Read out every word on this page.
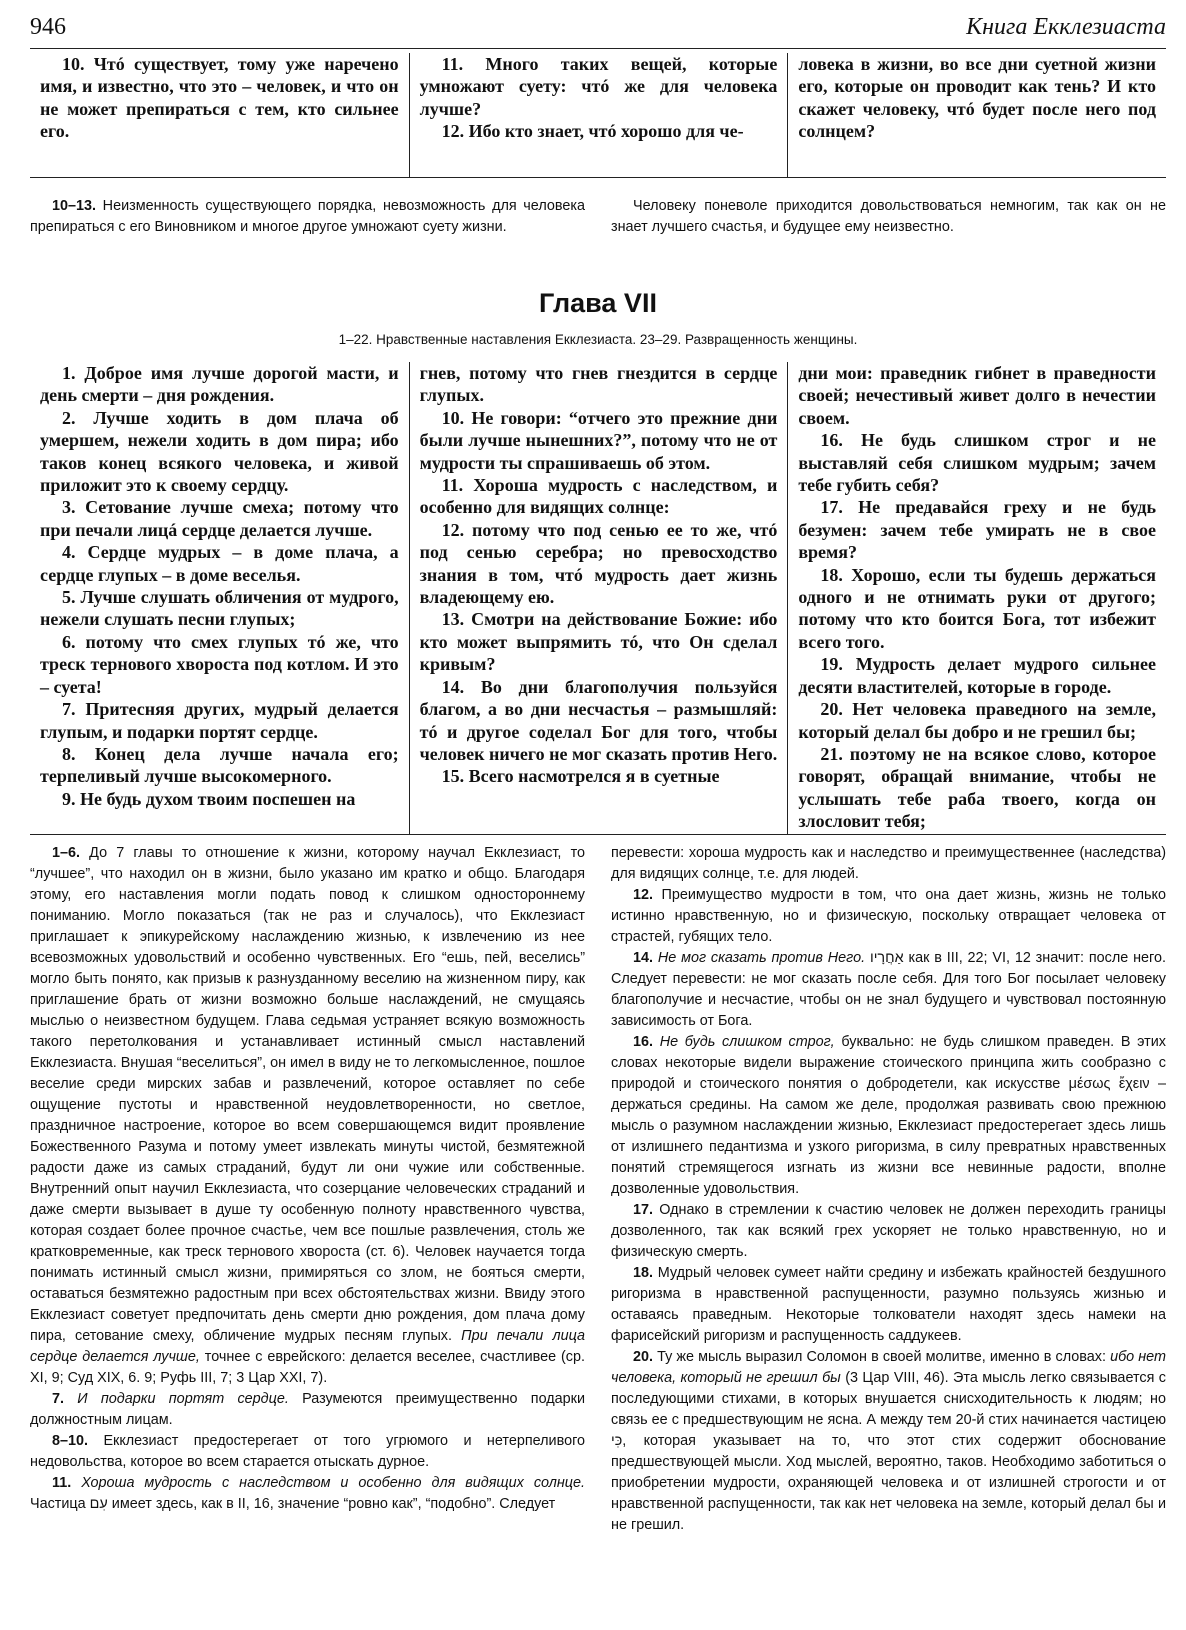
946	Книга Екклезиаста

10. Чтó существует, тому уже наречено имя, и известно, что это – человек, и что он не может препираться с тем, кто сильнее его.

11. Много таких вещей, которые умножают суету: чтó же для человека лучше?

12. Ибо кто знает, чтó хорошо для че-

ловека в жизни, во все дни суетной жизни его, которые он проводит как тень? И кто скажет человеку, чтó будет после него под солнцем?

10–13. Неизменность существующего порядка, невозможность для человека препираться с его Виновником и многое другое умножают суету жизни.

Человеку поневоле приходится довольствоваться немногим, так как он не знает лучшего счастья, и будущее ему неизвестно.

Глава VII
1–22. Нравственные наставления Екклезиаста. 23–29. Развращенность женщины.

1. Доброе имя лучше дорогой масти, и день смерти – дня рождения.

2. Лучше ходить в дом плача об умершем, нежели ходить в дом пира; ибо таков конец всякого человека, и живой приложит это к своему сердцу.

3. Сетование лучше смеха; потому что при печали лицá сердце делается лучше.

4. Сердце мудрых – в доме плача, а сердце глупых – в доме веселья.

5. Лучше слушать обличения от мудрого, нежели слушать песни глупых;

6. потому что смех глупых тó же, что треск тернового хвороста под котлом. И это – суета!

7. Притесняя других, мудрый делается глупым, и подарки портят сердце.

8. Конец дела лучше начала его; терпеливый лучше высокомерного.

9. Не будь духом твоим поспешен на

гнев, потому что гнев гнездится в сердце глупых.

10. Не говори: “отчего это прежние дни были лучше нынешних?”, потому что не от мудрости ты спрашиваешь об этом.

11. Хороша мудрость с наследством, и особенно для видящих солнце:

12. потому что под сенью ее то же, чтó под сенью серебра; но превосходство знания в том, чтó мудрость дает жизнь владеющему ею.

13. Смотри на действование Божие: ибо кто может выпрямить тó, что Он сделал кривым?

14. Во дни благополучия пользуйся благом, а во дни несчастья – размышляй: тó и другое соделал Бог для того, чтобы человек ничего не мог сказать против Него.

15. Всего насмотрелся я в суетные

дни мои: праведник гибнет в праведности своей; нечестивый живет долго в нечестии своем.

16. Не будь слишком строг и не выставляй себя слишком мудрым; зачем тебе губить себя?

17. Не предавайся греху и не будь безумен: зачем тебе умирать не в свое время?

18. Хорошо, если ты будешь держаться одного и не отнимать руки от другого; потому что кто боится Бога, тот избежит всего того.

19. Мудрость делает мудрого сильнее десяти властителей, которые в городе.

20. Нет человека праведного на земле, который делал бы добро и не грешил бы;

21. поэтому не на всякое слово, которое говорят, обращай внимание, чтобы не услышать тебе раба твоего, когда он злословит тебя;

1–6. До 7 главы то отношение к жизни, которому научал Екклезиаст, то “лучшее”, что находил он в жизни, было указано им кратко и общо. Благодаря этому, его наставления могли подать повод к слишком одностороннему пониманию. Могло показаться (так не раз и случалось), что Екклезиаст приглашает к эпикурейскому наслаждению жизнью, к извлечению из нее всевозможных удовольствий и особенно чувственных. Его “ешь, пей, веселись” могло быть понято, как призыв к разнузданному веселию на жизненном пиру, как приглашение брать от жизни возможно больше наслаждений, не смущаясь мыслью о неизвестном будущем. Глава седьмая устраняет всякую возможность такого перетолкования и устанавливает истинный смысл наставлений Екклезиаста. Внушая “веселиться”, он имел в виду не то легкомысленное, пошлое веселие среди мирских забав и развлечений, которое оставляет по себе ощущение пустоты и нравственной неудовлетворенности, но светлое, праздничное настроение, которое во всем совершающемся видит проявление Божественного Разума и потому умеет извлекать минуты чистой, безмятежной радости даже из самых страданий, будут ли они чужие или собственные. Внутренний опыт научил Екклезиаста, что созерцание человеческих страданий и даже смерти вызывает в душе ту особенную полноту нравственного чувства, которая создает более прочное счастье, чем все пошлые развлечения, столь же кратковременные, как треск тернового хвороста (ст. 6). Человек научается тогда понимать истинный смысл жизни, примиряться со злом, не бояться смерти, оставаться безмятежно радостным при всех обстоятельствах жизни. Ввиду этого Екклезиаст советует предпочитать день смерти дню рождения, дом плача дому пира, сетование смеху, обличение мудрых песням глупых. При печали лица сердце делается лучше, точнее с еврейского: делается веселее, счастливее (ср. XI, 9; Суд XIX, 6. 9; Руфь III, 7; 3 Цар XXI, 7).

7. И подарки портят сердце. Разумеются преимущественно подарки должностным лицам.

8–10. Екклезиаст предостерегает от того угрюмого и нетерпеливого недовольства, которое во всем старается отыскать дурное.

11. Хороша мудрость с наследством и особенно для видящих солнце. Частица עִם имеет здесь, как в II, 16, значение “ровно как”, “подобно”. Следует

перевести: хороша мудрость как и наследство и преимущественнее (наследства) для видящих солнце, т.е. для людей.

12. Преимущество мудрости в том, что она дает жизнь, жизнь не только истинно нравственную, но и физическую, поскольку отвращает человека от страстей, губящих тело.

14. Не мог сказать против Него. אַחֲרָיו как в III, 22; VI, 12 значит: после него. Следует перевести: не мог сказать после себя. Для того Бог посылает человеку благополучие и несчастие, чтобы он не знал будущего и чувствовал постоянную зависимость от Бога.

16. Не будь слишком строг, буквально: не будь слишком праведен. В этих словах некоторые видели выражение стоического принципа жить сообразно с природой и стоического понятия о добродетели, как искусстве μέσως ἔχειν – держаться средины. На самом же деле, продолжая развивать свою прежнюю мысль о разумном наслаждении жизнью, Екклезиаст предостерегает здесь лишь от излишнего педантизма и узкого ригоризма, в силу превратных нравственных понятий стремящегося изгнать из жизни все невинные радости, вполне дозволенные удовольствия.

17. Однако в стремлении к счастию человек не должен переходить границы дозволенного, так как всякий грех ускоряет не только нравственную, но и физическую смерть.

18. Мудрый человек сумеет найти средину и избежать крайностей бездушного ригоризма в нравственной распущенности, разумно пользуясь жизнью и оставаясь праведным. Некоторые толкователи находят здесь намеки на фарисейский ригоризм и распущенность саддукеев.

20. Ту же мысль выразил Соломон в своей молитве, именно в словах: ибо нет человека, который не грешил бы (3 Цар VIII, 46). Эта мысль легко связывается с последующими стихами, в которых внушается снисходительность к людям; но связь ее с предшествующим не ясна. А между тем 20-й стих начинается частицею כִּי, которая указывает на то, что этот стих содержит обоснование предшествующей мысли. Ход мыслей, вероятно, таков. Необходимо заботиться о приобретении мудрости, охраняющей человека и от излишней строгости и от нравственной распущенности, так как нет человека на земле, который делал бы и не грешил.
